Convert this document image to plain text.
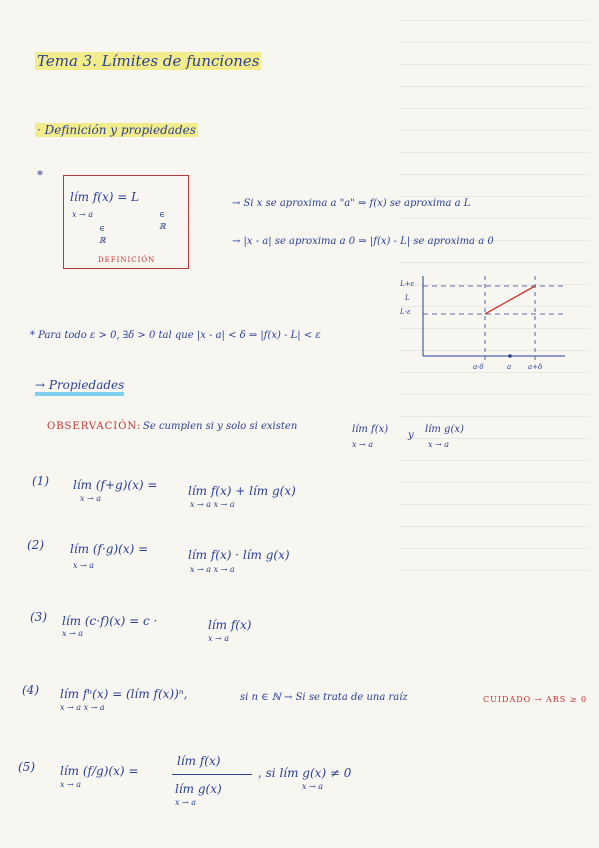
Tema 3. Límites de funciones
· Definición y propiedades
*
lím f(x) = L
x → a
∈
∈
ℝ
ℝ
DEFINICIÓN
→ Si x se aproxima a "a" ⇒ f(x) se aproxima a L
→ |x - a| se aproxima a 0 ⇒ |f(x) - L| se aproxima a 0
L+ε
L
L-ε
a-δ	a a+δ
* Para todo ε > 0, ∃δ > 0 tal que |x - a| < δ ⇒ |f(x) - L| < ε
→ Propiedades
OBSERVACIÓN: Se cumplen si y solo si existen	lím f(x)
x → a
y
lím g(x)
x → a
(1) lím (f+g)(x) =
x → a
lím f(x) + lím g(x)
x → a x → a
(2) lím (f·g)(x) =
x → a
lím f(x) · lím g(x)
x → a x → a
(3) lím (c·f)(x) = c ·
x → a
lím f(x)
x → a
(4) lím fⁿ(x) = (lím f(x))ⁿ,
x → a x → a
si n ∈ ℕ → Si se trata de una raíz	CUIDADO → ARS ≥ 0
(5) lím (f/g)(x) =
x → a
lím f(x)
lím g(x)
x → a
, si lím g(x) ≠ 0
x → a
